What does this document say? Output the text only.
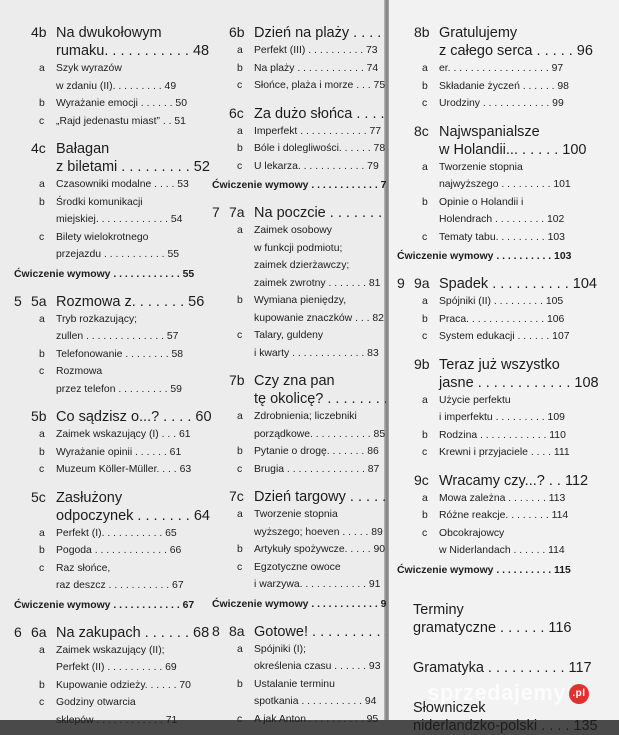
4b Na dwukołowym
rumaku. . . . . . . . . . . 48
a Szyk wyrazów
w zdaniu (II). . . . . . . . . 49
b Wyrażanie emocji . . . . . . 50
c „Rajd jedenastu miast” . . 51
4c Bałagan
z biletami . . . . . . . . . 52
a Czasowniki modalne . . . . 53
b Środki komunikacji
miejskiej. . . . . . . . . . . . . 54
c Bilety wielokrotnego
przejazdu . . . . . . . . . . . 55
Ćwiczenie wymowy . . . . . . . . . . . . 55
5 5a Rozmowa z. . . . . . . 56
a Tryb rozkazujący;
zullen . . . . . . . . . . . . . . 57
b Telefonowanie . . . . . . . . 58
c Rozmowa
przez telefon . . . . . . . . . 59
5b Co sądzisz o...? . . . . 60
a Zaimek wskazujący (I) . . . 61
b Wyrażanie opinii . . . . . . 61
c Muzeum Kӧller-Müller. . . . 63
5c Zasłużony
odpoczynek . . . . . . . 64
a Perfekt (I). . . . . . . . . . . 65
b Pogoda . . . . . . . . . . . . . 66
c Raz słońce,
raz deszcz . . . . . . . . . . . 67
Ćwiczenie wymowy . . . . . . . . . . . . 67
6 6a Na zakupach . . . . . . 68
a Zaimek wskazujący (II);
Perfekt (II) . . . . . . . . . . 69
b Kupowanie odzieży. . . . . . 70
c Godziny otwarcia
sklepów . . . . . . . . . . . . 71
6b Dzień na plaży . . . .
a Perfekt (III) . . . . . . . . . . 73
b Na plaży . . . . . . . . . . . . 74
c Słońce, plaża i morze . . . 75
6c Za dużo słońca . . . .
a Imperfekt . . . . . . . . . . . . 77
b Bóle i dolegliwości. . . . . . 78
c U lekarza. . . . . . . . . . . . 79
Ćwiczenie wymowy . . . . . . . . . . . . 79
7 7a Na poczcie . . . . . . .
a Zaimek osobowy
w funkcji podmiotu;
zaimek dzierżawczy;
zaimek zwrotny . . . . . . . 81
b Wymiana pieniędzy,
kupowanie znaczków . . . 82
c Talary, guldeny
i kwarty . . . . . . . . . . . . . 83
7b Czy zna pan
tę okolicę? . . . . . . .
a Zdrobnienia; liczebniki
porządkowe. . . . . . . . . . . 85
b Pytanie o drogę. . . . . . . 86
c Brugia . . . . . . . . . . . . . . 87
7c Dzień targowy . . . . .
a Tworzenie stopnia
wyższego; hoeven . . . . . 89
b Artykuły spożywcze. . . . . 90
c Egzotyczne owoce
i warzywa. . . . . . . . . . . . 91
Ćwiczenie wymowy . . . . . . . . . . . . 91
8 8a Gotowe! . . . . . . . . .
a Spójniki (I);
określenia czasu . . . . . . 93
b Ustalanie terminu
spotkania . . . . . . . . . . . 94
c A jak Anton . . . . . . . . . . 95
8b Gratulujemy
z całego serca . . . . . 96
a er. . . . . . . . . . . . . . . . . . 97
b Składanie życzeń . . . . . . 98
c Urodziny . . . . . . . . . . . . 99
8c Najwspanialsze
w Holandii... . . . . . 100
a Tworzenie stopnia
najwyższego . . . . . . . . . 101
b Opinie o Holandii i
Holendrach . . . . . . . . . 102
c Tematy tabu. . . . . . . . . 103
Ćwiczenie wymowy . . . . . . . . . . 103
9 9a Spadek . . . . . . . . . . 104
a Spójniki (II) . . . . . . . . . 105
b Praca. . . . . . . . . . . . . . 106
c System edukacji . . . . . . 107
9b Teraz już wszystko
jasne . . . . . . . . . . . . 108
a Użycie perfektu
i imperfektu . . . . . . . . . 109
b Rodzina . . . . . . . . . . . . 110
c Krewni i przyjaciele . . . . 111
9c Wracamy czy...? . . 112
a Mowa zależna . . . . . . . 113
b Różne reakcje. . . . . . . . 114
c Obcokrajowcy
w Niderlandach . . . . . . 114
Ćwiczenie wymowy . . . . . . . . . . 115
Terminy
gramatyczne . . . . . . 116
Gramatyka . . . . . . . . . . 117
Słowniczek
niderlandzko-polski . . . . 135
sprzedajemy .pl
